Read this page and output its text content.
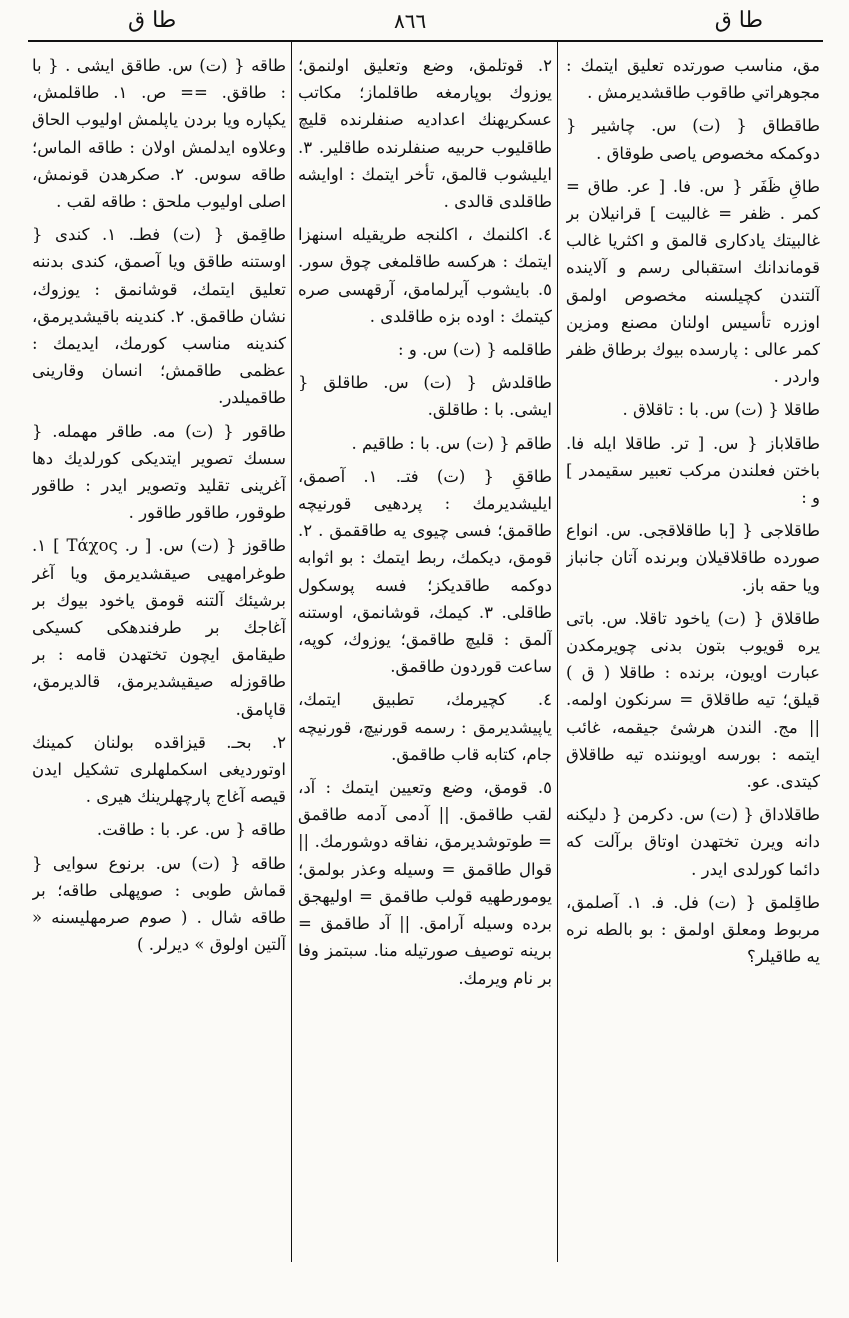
طا ق	٨٦٦	طا ق

مق، مناسب صورتده تعليق ايتمك : مجوهراتي طاقوب طاقشديرمش .

طاقطاق { (ت) س. چاشير { دوكمكه مخصوص ياصى طوقاق .

طاقِ ظَفَر { س. فا. [ عر. طاق = كمر . ظفر = غالبيت ] قرانيلان بر غالبيتك يادكارى قالمق و اكثريا غالب قوماندانك استقبالى رسم و آلاينده آلتندن كچيلسنه مخصوص اولمق اوزره تأسيس اولنان مصنع ومزين كمر عالى : پارسده بيوك برطاق ظفر واردر .

طاقلا { (ت) س. با : تاقلاق .

طاقلاباز { س. [ تر. طاقلا ايله فا. باختن فعلندن مركب تعبير سقيمدر ] و :

طاقلاجى { [با طاقلاقجى. س. انواع صورده طاقلاقيلان وبرنده آتان جانباز ويا حقه باز.

طاقلاق { (ت) ياخود تاقلا. س. باتى يره قويوب بتون بدنى چويرمكدن عبارت اويون، برنده : طاقلا ( ق ) قيلق؛ تيه طاقلاق = سرنكون اولمه. || مج. الندن هرشئ جيقمه، غائب ايتمه : بورسه اويوننده تيه طاقلاق كيتدى. عو.

طاقلاداق { (ت) س. دكرمن { دليكنه دانه ويرن تختهدن اوتاق برآلت كه دائما كورلدى ايدر .

طاقِلمق { (ت) فل. ﻓ. ١. آصلمق، مربوط ومعلق اولمق : بو بالطه نره يه طاقيلر؟

٢. قوتلمق، وضع وتعليق اولنمق؛ يوزوك بوپارمغه طاقلماز؛ مكاتب عسكريهنك اعداديه صنفلرنده قليچ طاقليوب حربيه صنفلرنده طاقلير. ٣. ايليشوب قالمق، تأخر ايتمك : اوايشه طاقلدى قالدى .

٤. اكلنمك ، اكلنجه طريقيله اسنهزا ايتمك : هركسه طاقلمغى چوق سور. ٥. بايشوب آيرلمامق، آرقهسى صره كيتمك : اوده بزه طاقلدى .

طاقلمه { (ت) س. و :

طاقلدش { (ت) س. طاقلق { ايشى. با : طاقلق.

طاقم { (ت) س. با : طاقيم .

طاققِ { (ت) فتـ. ١. آصمق، ايليشديرمك : پردهيى قورنيچه طاقمق؛ فسى چيوى يه طاققمق . ٢. قومق، ديكمك، ربط ايتمك : بو اثوابه دوكمه طاقديكز؛ فسه پوسكول طاقلى. ٣. كيمك، قوشانمق، اوستنه آلمق : قليچ طاقمق؛ يوزوك، كوپه، ساعت قوردون طاقمق.

٤. كچيرمك، تطبيق ايتمك، ياپيشديرمق : رسمه قورنيچ، قورنيچه جام، كتابه قاب طاقمق.

٥. قومق، وضع وتعيين ايتمك : آد، لقب طاقمق. || آدمى آدمه طاقمق = طوتوشديرمق، نفاقه دوشورمك. || قوال طاقمق = وسيله وعذر بولمق؛ يومورطهيه قولب طاقمق = اوليهجق برده وسيله آرامق. || آد طاقمق = برينه توصيف صورتيله منا. سبتمز وفا بر نام ويرمك.

طاقه { (ت) س. طاقق ايشى . { با : طاقق. == ص. ١. طاقلمش، يكپاره ويا بردن ياپلمش اوليوب الحاق وعلاوه ايدلمش اولان : طاقه الماس؛ طاقه سوس. ٢. صكرهدن قونمش، اصلى اوليوب ملحق : طاقه لقب .

طاقِمق { (ت) فطـ. ١. كندى { اوستنه طاقق ويا آصمق، كندى بدننه تعليق ايتمك، قوشانمق : يوزوك، نشان طاقمق. ٢. كندينه باقيشديرمق، كندينه مناسب كورمك، ايديمك : عظمى طاقمش؛ انسان وقارينى طاقميلدر.

طاقور { (ت) مه. طاقر مهمله. { سسك تصوير ايتديكى كورلديك دها آغرينى تقليد وتصوير ايدر : طاقور طوقور، طاقور طاقور .

طاقوز { (ت) س. [ ر. Τάχος ] ١. طوغرامهيى صيقشديرمق ويا آغر برشيئك آلتنه قومق ياخود بيوك بر آغاجك بر طرفندهكى كسيكى طيقامق ايچون تختهدن قامه : بر طاقوزله صيقيشديرمق، قالديرمق، قاپامق.

٢. بحـ. قيزاقده بولنان كمينك اوتورديغى اسكملهلرى تشكيل ايدن قيصه آغاج پارچهلرينك هيرى .

طاقه { س. عر. با : طاقت.

طاقه { (ت) س. برنوع سوايى { قماش طوبى : صوپهلى طاقه؛ بر طاقه شال . ( صوم صرمهليسنه « آلتين اولوق » ديرلر. )
